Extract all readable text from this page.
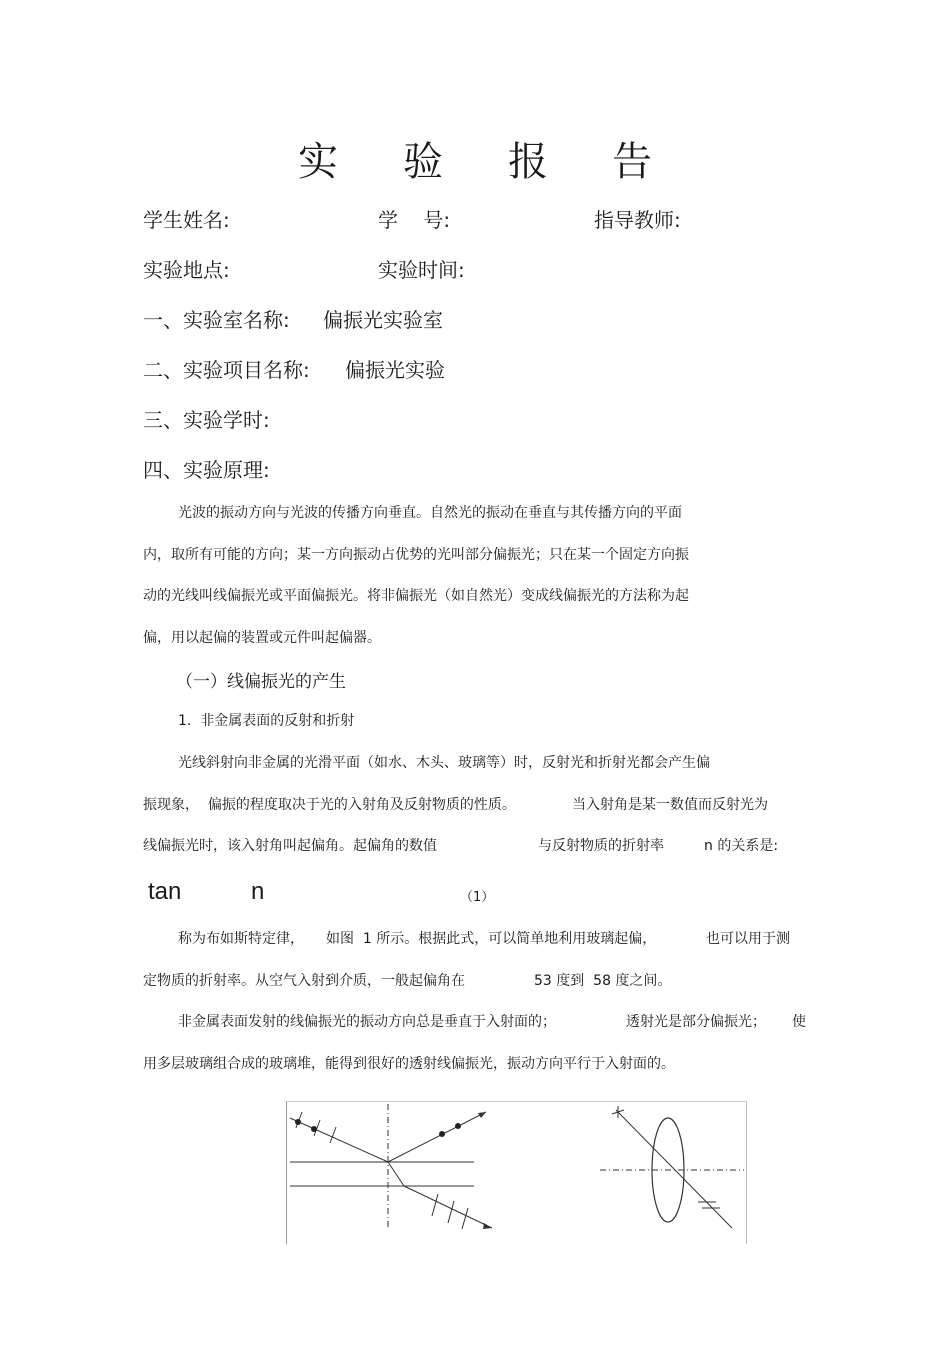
实 验 报 告
学生姓名:	学    号:	指导教师:
实验地点:	实验时间:
一、实验室名称: 偏振光实验室
二、实验项目名称: 偏振光实验
三、实验学时:
四、实验原理:
光波的振动方向与光波的传播方向垂直。自然光的振动在垂直与其传播方向的平面
内，取所有可能的方向；某一方向振动占优势的光叫部分偏振光；只在某一个固定方向振
动的光线叫线偏振光或平面偏振光。将非偏振光（如自然光）变成线偏振光的方法称为起
偏，用以起偏的装置或元件叫起偏器。
（一）线偏振光的产生
1.  非金属表面的反射和折射
光线斜射向非金属的光滑平面（如水、木头、玻璃等）时，反射光和折射光都会产生偏
振现象，  偏振的程度取决于光的入射角及反射物质的性质。	当入射角是某一数值而反射光为
线偏振光时，该入射角叫起偏角。起偏角的数值	与反射物质的折射率	n 的关系是:
tan	n	（1）
称为布如斯特定律， 如图  1 所示。根据此式，可以简单地利用玻璃起偏，	也可以用于测
定物质的折射率。从空气入射到介质，一般起偏角在	53 度到  58 度之间。
非金属表面发射的线偏振光的振动方向总是垂直于入射面的；	透射光是部分偏振光； 使
用多层玻璃组合成的玻璃堆，能得到很好的透射线偏振光，振动方向平行于入射面的。
